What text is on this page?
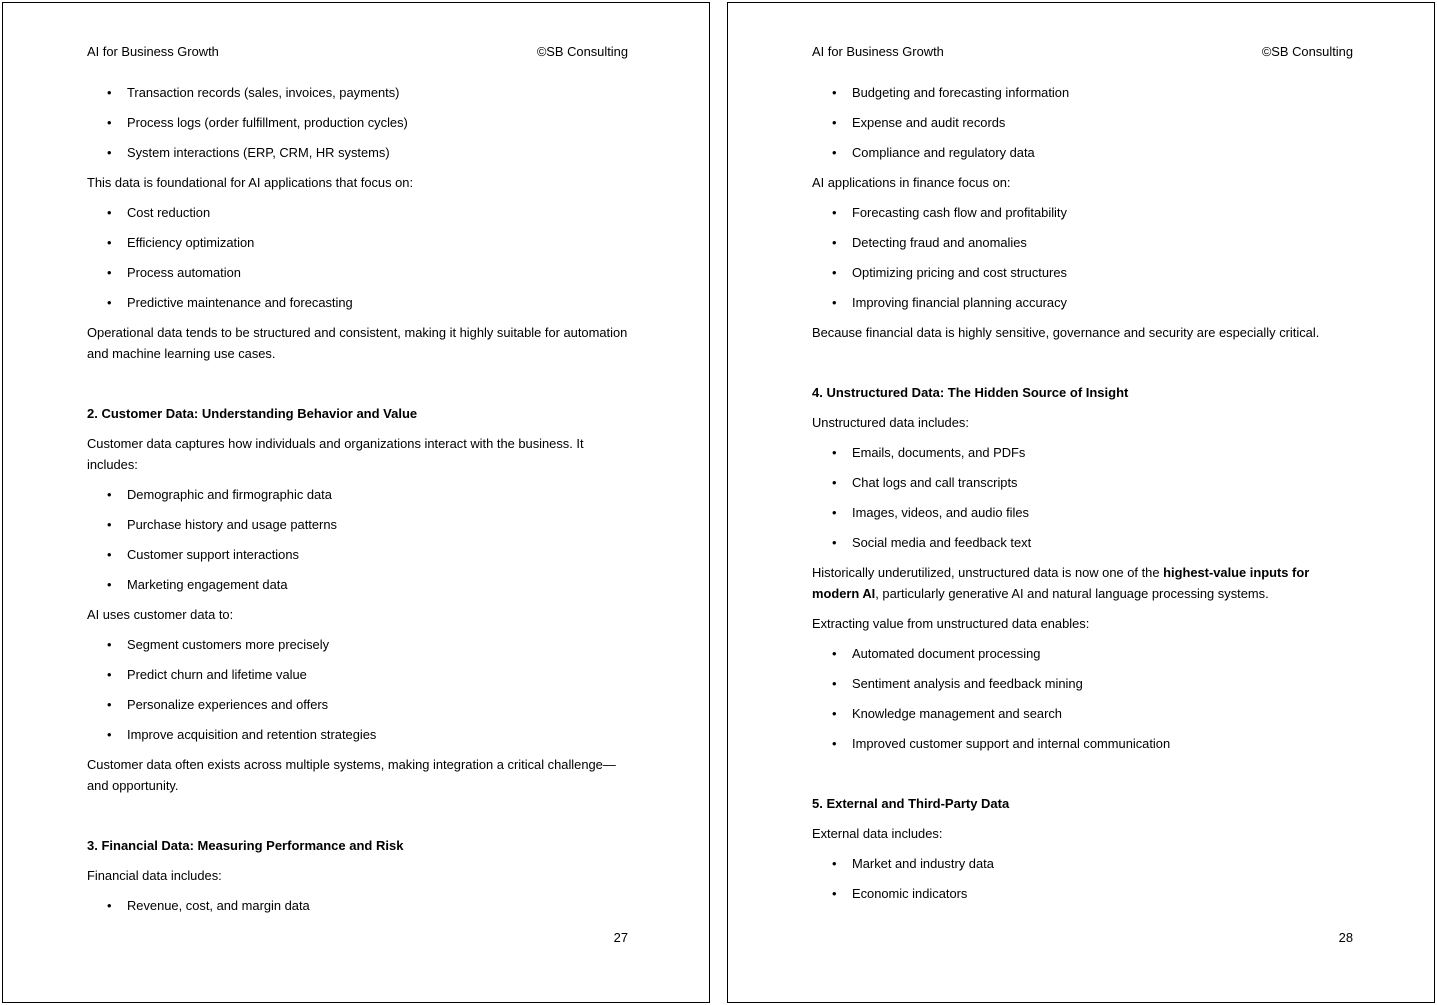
AI for Business Growth	©SB Consulting
• Transaction records (sales, invoices, payments)
• Process logs (order fulfillment, production cycles)
• System interactions (ERP, CRM, HR systems)

This data is foundational for AI applications that focus on:

• Cost reduction
• Efficiency optimization
• Process automation
• Predictive maintenance and forecasting

Operational data tends to be structured and consistent, making it highly suitable for automation and machine learning use cases.

2. Customer Data: Understanding Behavior and Value

Customer data captures how individuals and organizations interact with the business. It includes:

• Demographic and firmographic data
• Purchase history and usage patterns
• Customer support interactions
• Marketing engagement data

AI uses customer data to:

• Segment customers more precisely
• Predict churn and lifetime value
• Personalize experiences and offers
• Improve acquisition and retention strategies

Customer data often exists across multiple systems, making integration a critical challenge—and opportunity.

3. Financial Data: Measuring Performance and Risk

Financial data includes:

• Revenue, cost, and margin data
27
AI for Business Growth	©SB Consulting
• Budgeting and forecasting information
• Expense and audit records
• Compliance and regulatory data

AI applications in finance focus on:

• Forecasting cash flow and profitability
• Detecting fraud and anomalies
• Optimizing pricing and cost structures
• Improving financial planning accuracy

Because financial data is highly sensitive, governance and security are especially critical.

4. Unstructured Data: The Hidden Source of Insight

Unstructured data includes:

• Emails, documents, and PDFs
• Chat logs and call transcripts
• Images, videos, and audio files
• Social media and feedback text

Historically underutilized, unstructured data is now one of the highest-value inputs for modern AI, particularly generative AI and natural language processing systems.

Extracting value from unstructured data enables:

• Automated document processing
• Sentiment analysis and feedback mining
• Knowledge management and search
• Improved customer support and internal communication
5. External and Third-Party Data

External data includes:

• Market and industry data
• Economic indicators
28
